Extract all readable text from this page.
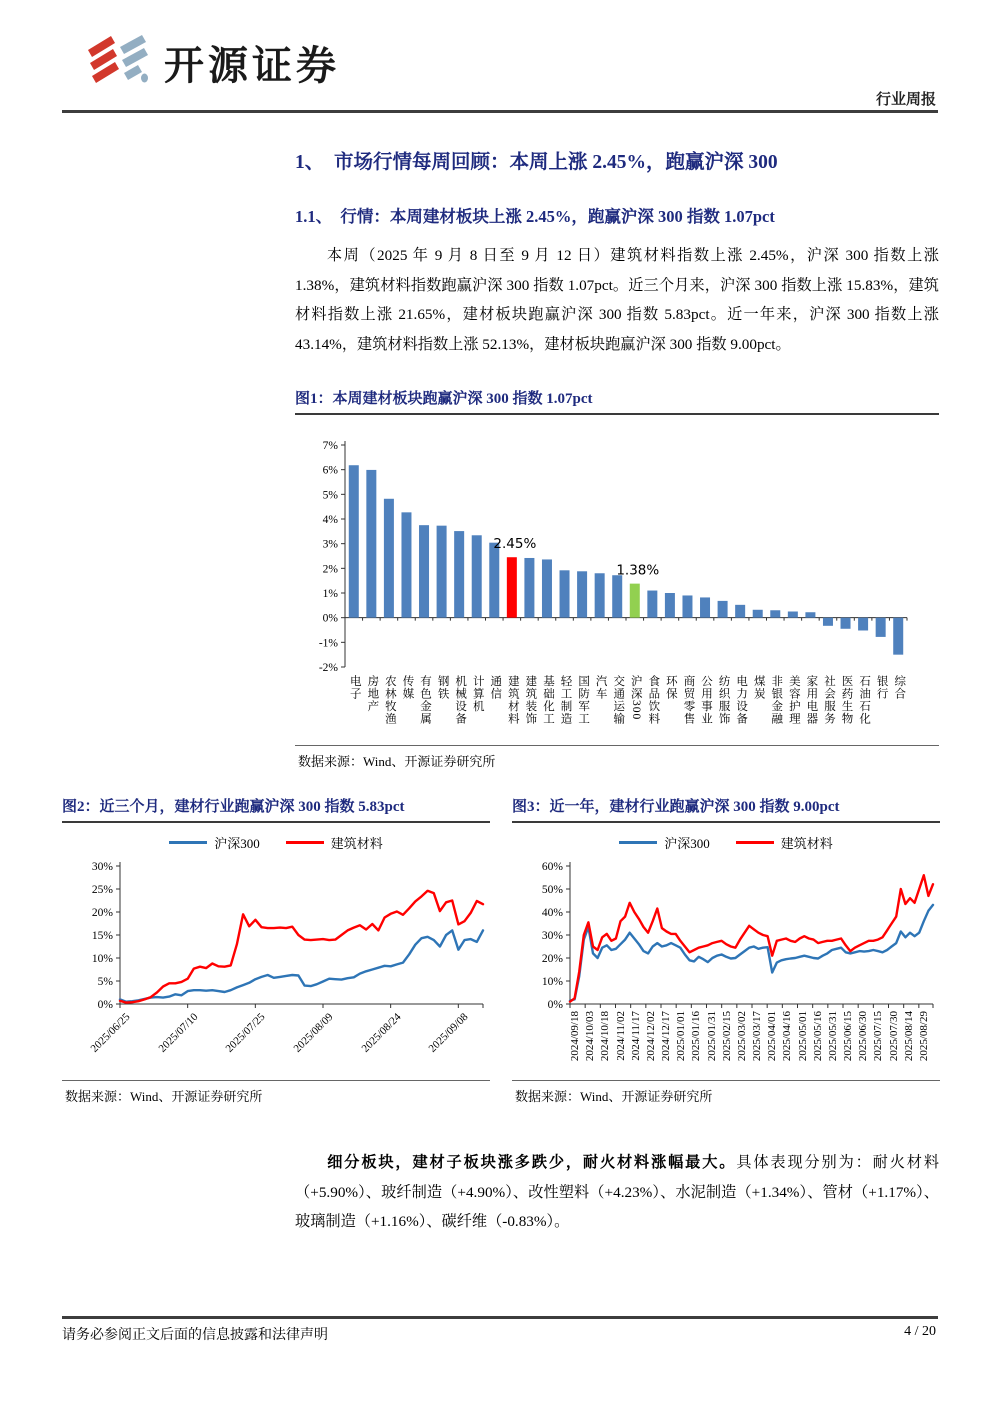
开源证券
行业周报
1、　市场行情每周回顾：本周上涨 2.45%，跑赢沪深 300
1.1、　行情：本周建材板块上涨 2.45%，跑赢沪深 300 指数 1.07pct
本周（2025 年 9 月 8 日至 9 月 12 日）建筑材料指数上涨 2.45%，沪深 300 指数上涨 1.38%，建筑材料指数跑赢沪深 300 指数 1.07pct。近三个月来，沪深 300 指数上涨 15.83%，建筑材料指数上涨 21.65%，建材板块跑赢沪深 300 指数 5.83pct。近一年来，沪深 300 指数上涨 43.14%，建筑材料指数上涨 52.13%，建材板块跑赢沪深 300 指数 9.00pct。
图1：本周建材板块跑赢沪深 300 指数 1.07pct
-2%
-1%
0%
1%
2%
3%
4%
5%
6%
7%
2.45%
1.38%
电子 房地产 农林牧渔 传媒 有色金属 钢铁 机械设备 计算机 通信 建筑材料 建筑装饰 基础化工 轻工制造 国防军工 汽车 交通运输 沪深300 食品饮料 环保 商贸零售 公用事业 纺织服饰 电力设备 煤炭 非银金融 美容护理 家用电器 社会服务 医药生物 石油石化 银行 综合
数据来源：Wind、开源证券研究所
图2：近三个月，建材行业跑赢沪深 300 指数 5.83pct
沪深300	建筑材料
0%
5%
10%
15%
20%
25%
30%
2025/06/25 2025/07/10 2025/07/25 2025/08/09 2025/08/24 2025/09/08
数据来源：Wind、开源证券研究所
图3：近一年，建材行业跑赢沪深 300 指数 9.00pct
沪深300	建筑材料
0%
10%
20%
30%
40%
50%
60%
2024/09/18 2024/10/03 2024/10/18 2024/11/02 2024/11/17 2024/12/02 2024/12/17 2025/01/01 2025/01/16 2025/01/31 2025/02/15 2025/03/02 2025/03/17 2025/04/01 2025/04/16 2025/05/01 2025/05/16 2025/05/31 2025/06/15 2025/06/30 2025/07/15 2025/07/30 2025/08/14 2025/08/29
数据来源：Wind、开源证券研究所
细分板块，建材子板块涨多跌少，耐火材料涨幅最大。具体表现分别为：耐火材料（+5.90%）、玻纤制造（+4.90%）、改性塑料（+4.23%）、水泥制造（+1.34%）、管材（+1.17%）、玻璃制造（+1.16%）、碳纤维（-0.83%）。
请务必参阅正文后面的信息披露和法律声明	4 / 20
